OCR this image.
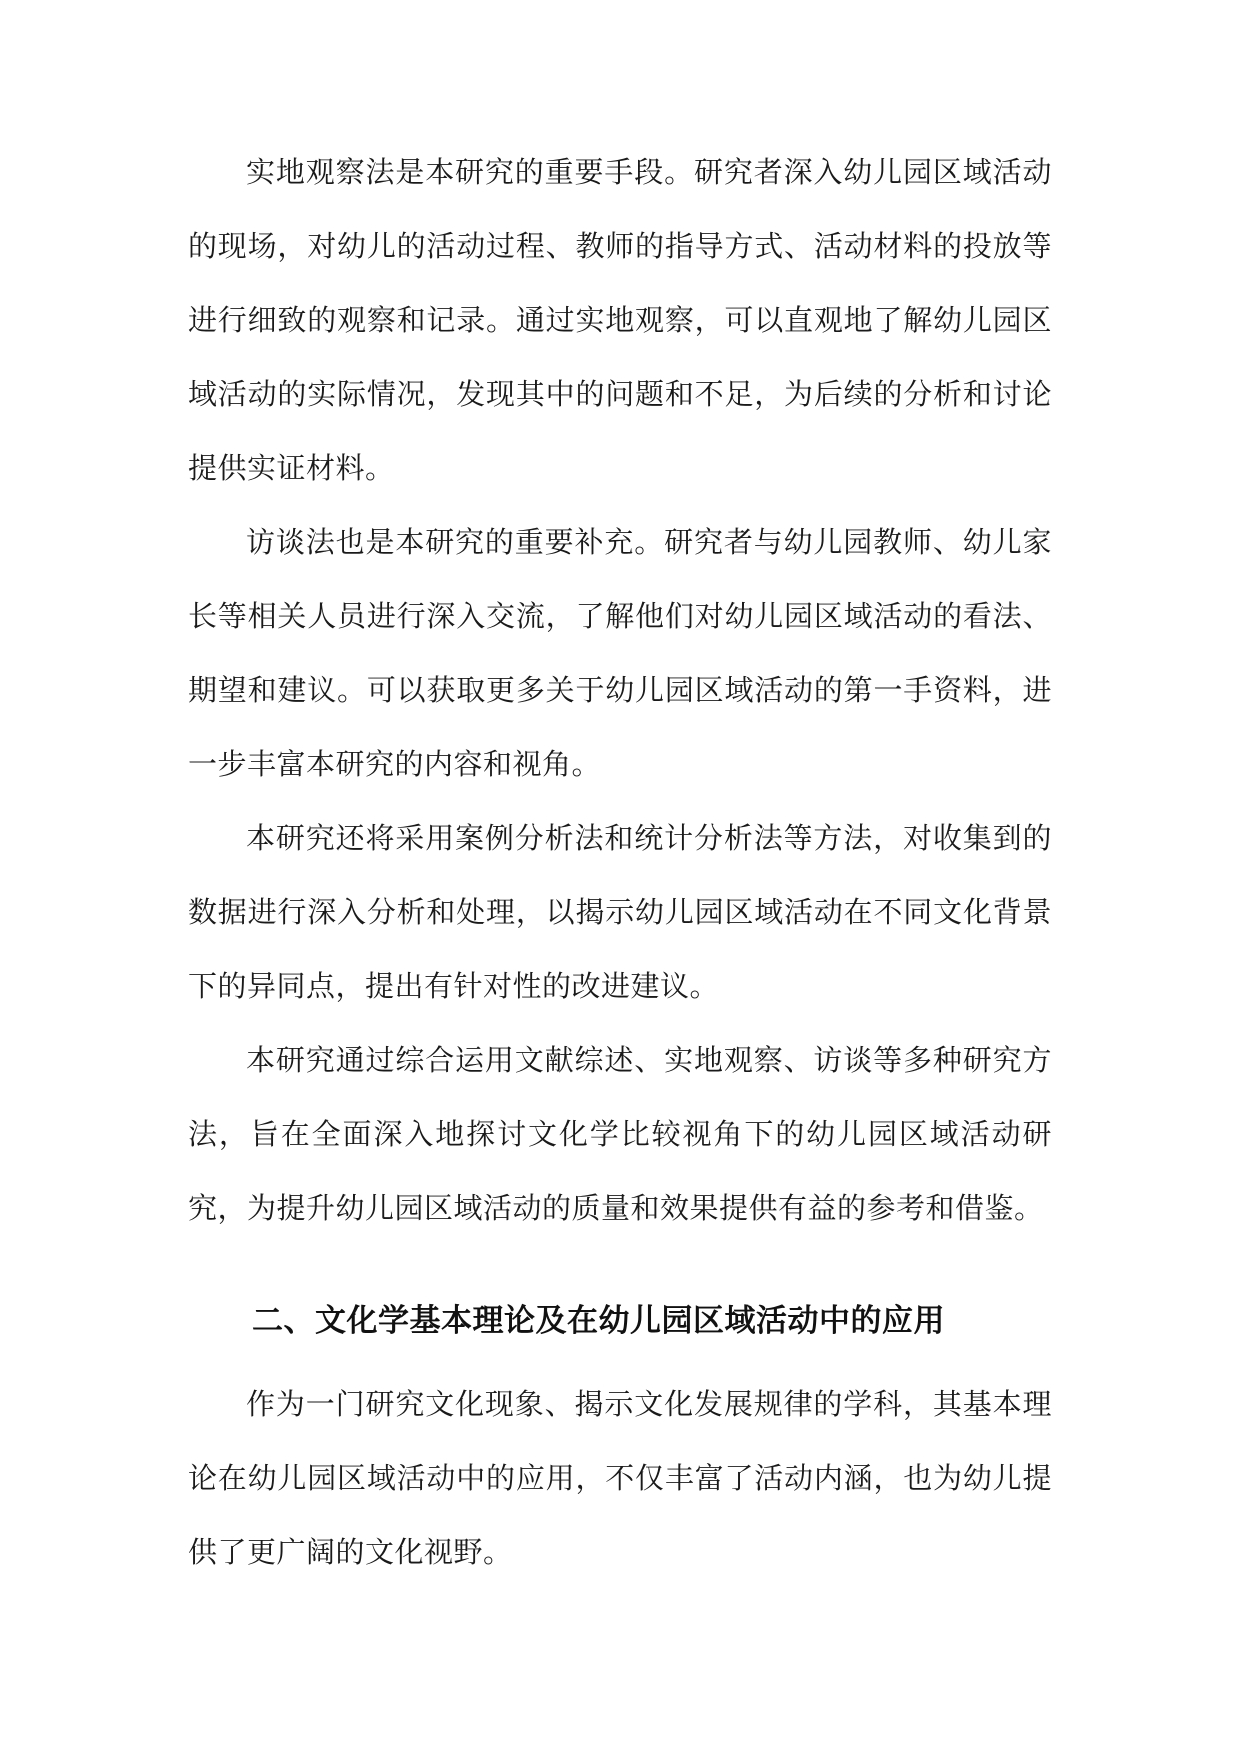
实地观察法是本研究的重要手段。研究者深入幼儿园区域活动的现场，对幼儿的活动过程、教师的指导方式、活动材料的投放等进行细致的观察和记录。通过实地观察，可以直观地了解幼儿园区域活动的实际情况，发现其中的问题和不足，为后续的分析和讨论提供实证材料。

访谈法也是本研究的重要补充。研究者与幼儿园教师、幼儿家长等相关人员进行深入交流，了解他们对幼儿园区域活动的看法、期望和建议。可以获取更多关于幼儿园区域活动的第一手资料，进一步丰富本研究的内容和视角。

本研究还将采用案例分析法和统计分析法等方法，对收集到的数据进行深入分析和处理，以揭示幼儿园区域活动在不同文化背景下的异同点，提出有针对性的改进建议。

本研究通过综合运用文献综述、实地观察、访谈等多种研究方法，旨在全面深入地探讨文化学比较视角下的幼儿园区域活动研究，为提升幼儿园区域活动的质量和效果提供有益的参考和借鉴。

二、文化学基本理论及在幼儿园区域活动中的应用

作为一门研究文化现象、揭示文化发展规律的学科，其基本理论在幼儿园区域活动中的应用，不仅丰富了活动内涵，也为幼儿提供了更广阔的文化视野。
